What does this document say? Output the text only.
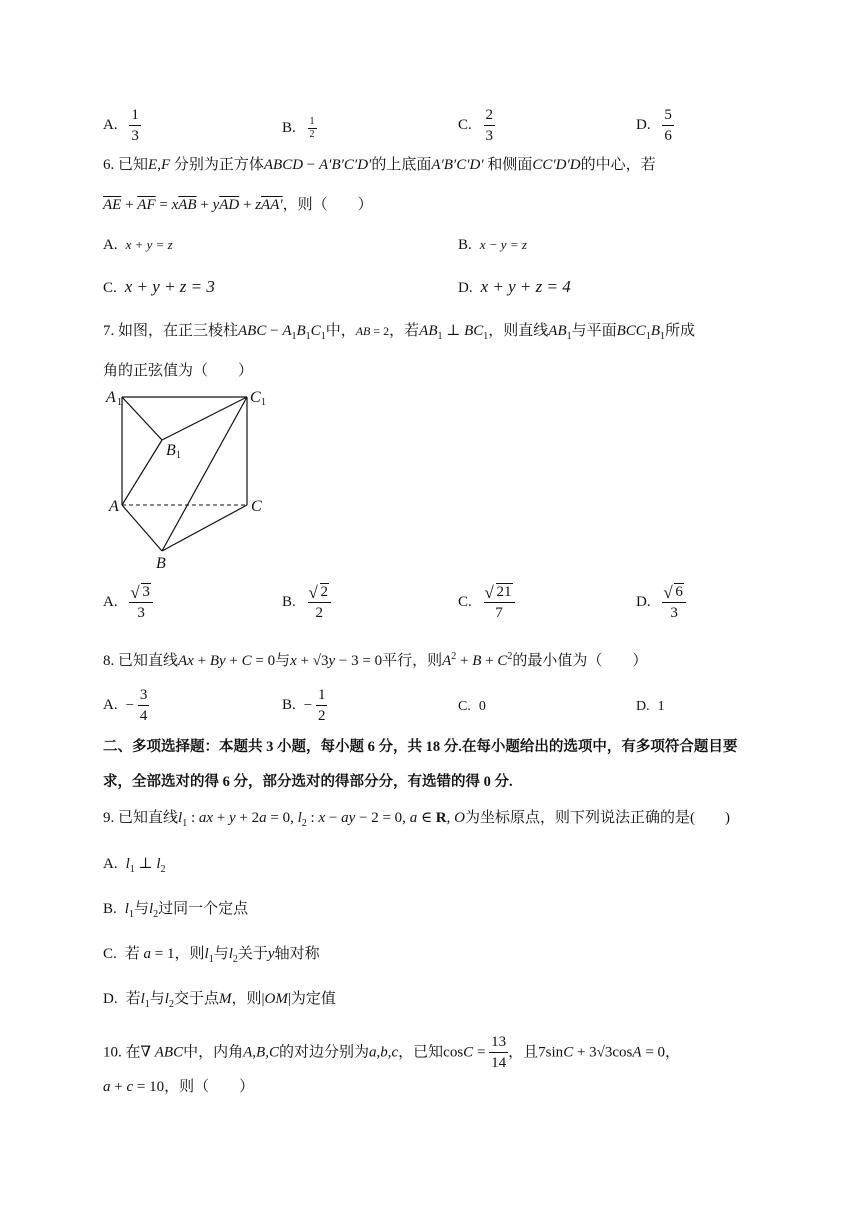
A. $\frac{1}{3}$	B. $\frac{1}{2}$	C. $\frac{2}{3}$	D. $\frac{5}{6}$
6. 已知E,F 分别为正方体ABCD − A′B′C′D′的上底面A′B′C′D′ 和侧面CC′D′D的中心，若
$\overline{AE} + \overline{AF} = x\overline{AB} + y\overline{AD} + zAA'$，则（　　）
A. x + y = z	B. x − y = z
C. x + y + z = 3	D. x + y + z = 4
7. 如图，在正三棱柱ABC − $A_1B_1C_1$中，AB = 2，若$AB_1$ ⊥ $BC_1$，则直线$AB_1$与平面$BCC_1B_1$所成
角的正弦值为（　　）
A 1	C 1
B 1
A	C
B
A. √ $\frac{3}{3}$	B. √ $\frac{2}{2}$	C. √ $\frac{21}{7}$	D. √ $\frac{6}{3}$
8. 已知直线Ax + By + C = 0与x + √3y − 3 = 0平行，则$A^2 + B + C^2$的最小值为（　　）
A. − $\frac{3}{4}$	B. − $\frac{1}{2}$	C. 0	D. 1
二、多项选择题：本题共 3 小题，每小题 6 分，共 18 分.在每小题给出的选项中，有多项符合题目要
求，全部选对的得 6 分，部分选对的得部分分，有选错的得 0 分.
9. 已知直线$l_1$ : ax + y + 2a = 0, $l_2$ : x − ay − 2 = 0, a ∈ R, O为坐标原点，则下列说法正确的是(　　)
A. $l_1$ ⊥ $l_2$
B. $l_1$与$l_2$过同一个定点
C. 若 a = 1，则$l_1$与$l_2$关于y轴对称
D. 若$l_1$与$l_2$交于点M，则|OM|为定值
10. 在∇ ABC中，内角A,B,C的对边分别为a,b,c，已知$\cos C = \frac{13}{14}$ ，且7sinC + 3√3cosA = 0，
a + c = 10，则（　　）
